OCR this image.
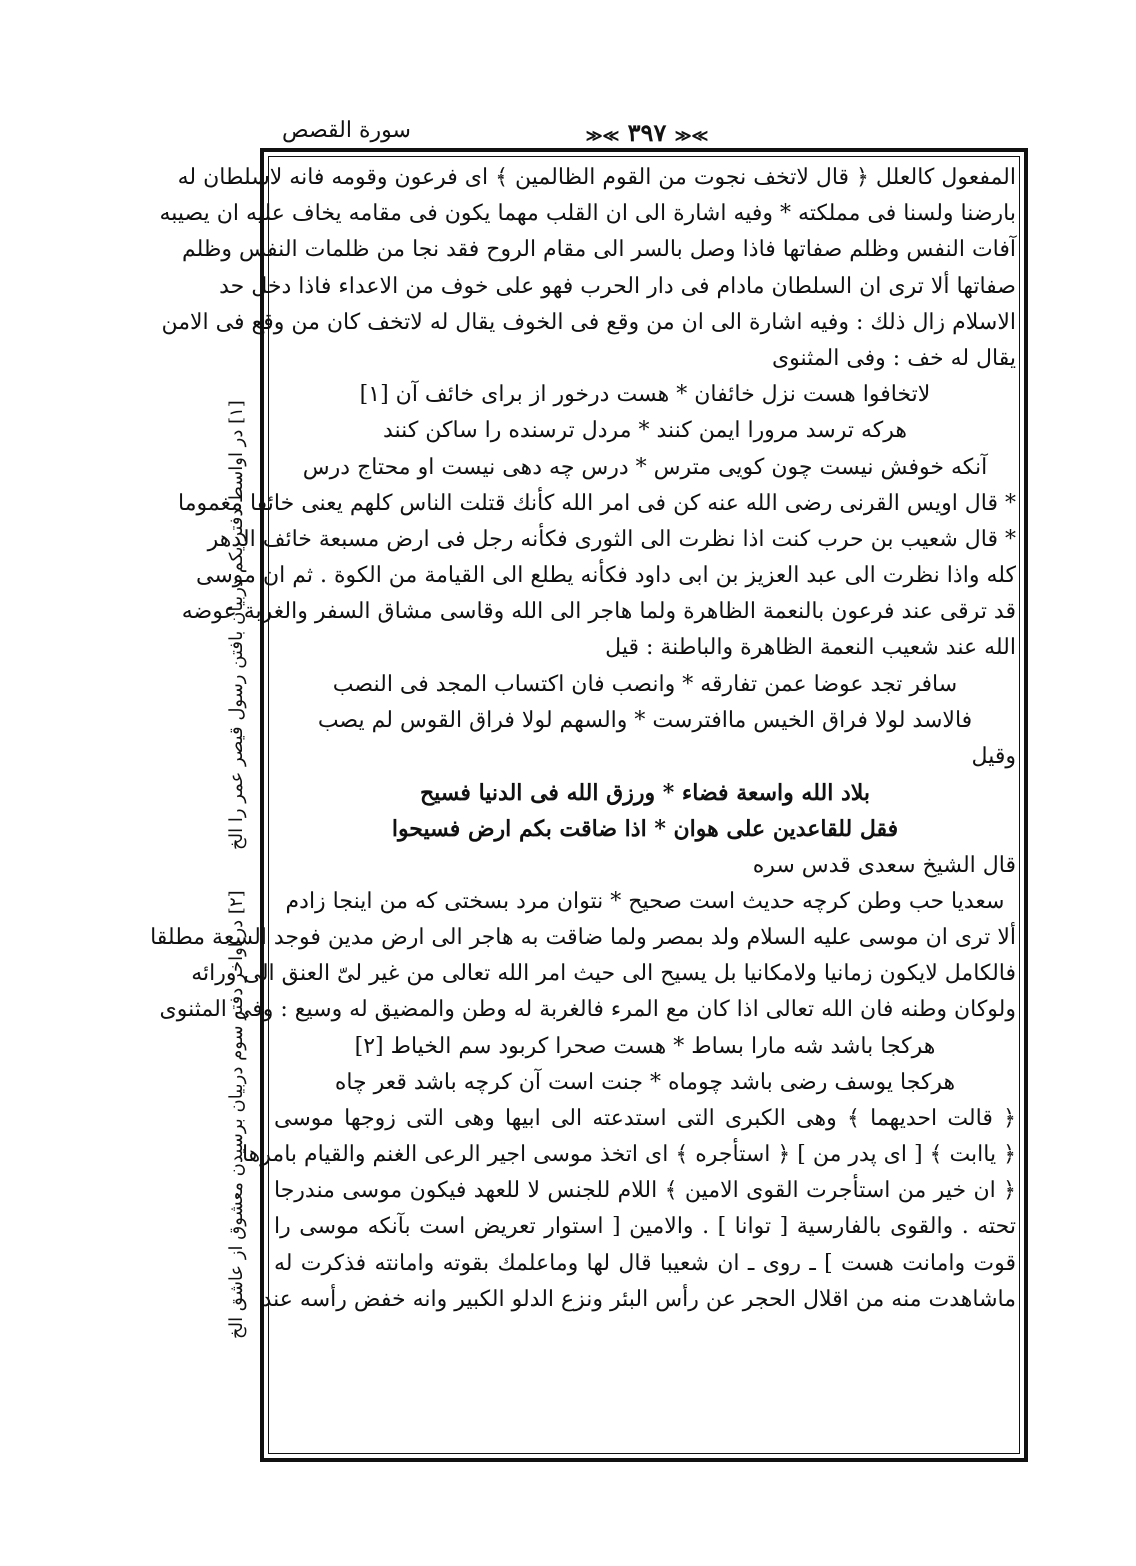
سورة القصص	≫≪ ٣٩٧ ≫≪
[١] در اواسط دفتر يكم دربيان بافتن رسول قيصر عمر را الخ
[٢] در اواخر دفتر سوم دربيان برسيدن معشوق از عاشق الخ
المفعول كالعلل ﴿ قال لاتخف نجوت من القوم الظالمين ﴾ اى فرعون وقومه فانه لاسلطان له
بارضنا ولسنا فى مملكته * وفيه اشارة الى ان القلب مهما يكون فى مقامه يخاف عليه ان يصيبه
آفات النفس وظلم صفاتها فاذا وصل بالسر الى مقام الروح فقد نجا من ظلمات النفس وظلم
صفاتها ألا ترى ان السلطان مادام فى دار الحرب فهو على خوف من الاعداء فاذا دخل حد
الاسلام زال ذلك : وفيه اشارة الى ان من وقع فى الخوف يقال له لاتخف كان من وقع فى الامن
يقال له خف : وفى المثنوى
لاتخافوا هست نزل خائفان * هست درخور از براى خائف آن [١]
هركه ترسد مرورا ايمن كنند * مردل ترسنده را ساكن كنند
آنكه خوفش نيست چون كويى مترس * درس چه دهى نيست او محتاج درس
* قال اويس القرنى رضى الله عنه كن فى امر الله كأنك قتلت الناس كلهم يعنى خائفا مغموما
* قال شعيب بن حرب كنت اذا نظرت الى الثورى فكأنه رجل فى ارض مسبعة خائف الدهر
كله واذا نظرت الى عبد العزيز بن ابى داود فكأنه يطلع الى القيامة من الكوة . ثم ان موسى
قد ترقى عند فرعون بالنعمة الظاهرة ولما هاجر الى الله وقاسى مشاق السفر والغربة عوضه
الله عند شعيب النعمة الظاهرة والباطنة : قيل
سافر تجد عوضا عمن تفارقه * وانصب فان اكتساب المجد فى النصب
فالاسد لولا فراق الخيس ماافترست * والسهم لولا فراق القوس لم يصب
وقيل
بلاد الله واسعة فضاء * ورزق الله فى الدنيا فسيح
فقل للقاعدين على هوان * اذا ضاقت بكم ارض فسيحوا
قال الشيخ سعدى قدس سره
سعديا حب وطن كرچه حديث است صحيح * نتوان مرد بسختى كه من اينجا زادم
ألا ترى ان موسى عليه السلام ولد بمصر ولما ضاقت به هاجر الى ارض مدين فوجد السعة مطلقا
فالكامل لايكون زمانيا ولامكانيا بل يسيح الى حيث امر الله تعالى من غير لىّ العنق الى ورائه
ولوكان وطنه فان الله تعالى اذا كان مع المرء فالغربة له وطن والمضيق له وسيع : وفى المثنوى
هركجا باشد شه مارا بساط * هست صحرا كربود سم الخياط [٢]
هركجا يوسف رضى باشد چوماه * جنت است آن كرچه باشد قعر چاه
﴿ قالت احديهما ﴾ وهى الكبرى التى استدعته الى ابيها وهى التى زوجها موسى
﴿ ياابت ﴾ [ اى پدر من ] ﴿ استأجره ﴾ اى اتخذ موسى اجير الرعى الغنم والقيام بامرها
﴿ ان خير من استأجرت القوى الامين ﴾ اللام للجنس لا للعهد فيكون موسى مندرجا
تحته . والقوى بالفارسية [ توانا ] . والامين [ استوار تعريض است بآنكه موسى را
قوت وامانت هست ] ـ روى ـ ان شعيبا قال لها وماعلمك بقوته وامانته فذكرت له
ماشاهدت منه من اقلال الحجر عن رأس البئر ونزع الدلو الكبير وانه خفض رأسه عند
